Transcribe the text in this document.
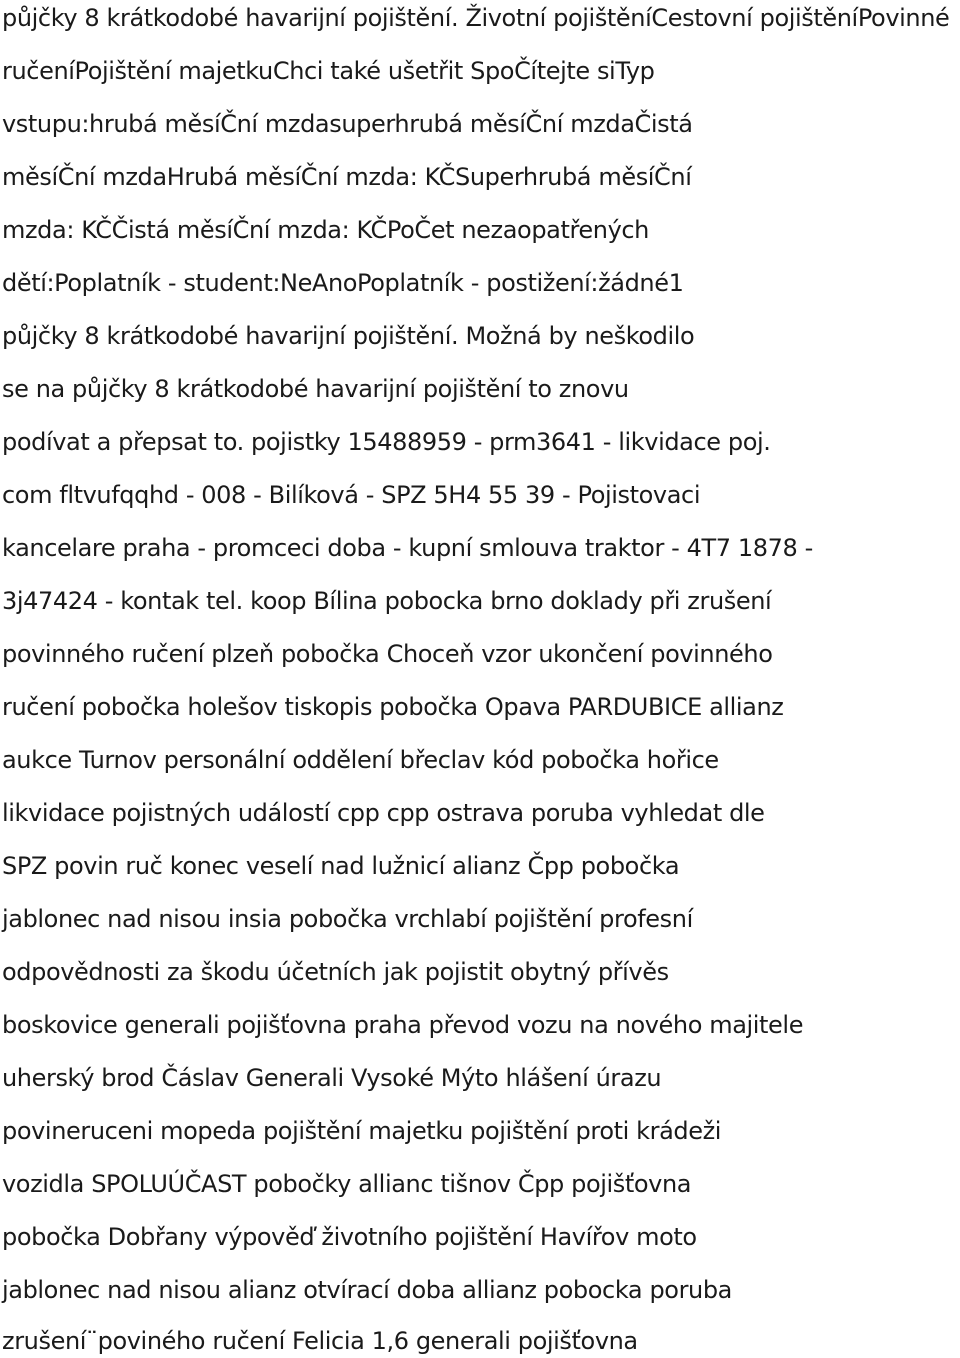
půjčky 8 krátkodobé havarijní pojištění. Životní pojištěníCestovní pojištěníPovinné
ručeníPojištění majetkuChci také ušetřit SpoČítejte siTyp
vstupu:hrubá měsíČní mzdasuperhrubá měsíČní mzdaČistá
měsíČní mzdaHrubá měsíČní mzda: KČSuperhrubá měsíČní
mzda: KČČistá měsíČní mzda: KČPoČet nezaopatřených
dětí:Poplatník - student:NeAnoPoplatník - postižení:žádné1
půjčky 8 krátkodobé havarijní pojištění. Možná by neškodilo
se na půjčky 8 krátkodobé havarijní pojištění to znovu
podívat a přepsat to. pojistky 15488959 - prm3641 - likvidace poj.
com fltvufqqhd - 008 - Bilíková - SPZ 5H4 55 39 - Pojistovaci
kancelare praha - promceci doba - kupní smlouva traktor - 4T7 1878 -
3j47424 - kontak tel. koop Bílina pobocka brno doklady při zrušení
povinného ručení plzeň pobočka Choceň vzor ukončení povinného
ručení pobočka holešov tiskopis pobočka Opava PARDUBICE allianz
aukce Turnov personální oddělení břeclav kód pobočka hořice
likvidace pojistných událostí cpp cpp ostrava poruba vyhledat dle
SPZ povin ruč konec veselí nad lužnicí alianz Čpp pobočka
jablonec nad nisou insia pobočka vrchlabí pojištění profesní
odpovědnosti za škodu účetních jak pojistit obytný přívěs
boskovice generali pojišťovna praha převod vozu na nového majitele
uherský brod Čáslav Generali Vysoké Mýto hlášení úrazu
povineruceni mopeda pojištění majetku pojištění proti krádeži
vozidla SPOLUÚČAST pobočky allianc tišnov Čpp pojišťovna
pobočka Dobřany výpověď životního pojištění Havířov moto
jablonec nad nisou alianz otvírací doba allianz pobocka poruba
zrušení¨poviného ručení Felicia 1,6 generali pojišťovna
